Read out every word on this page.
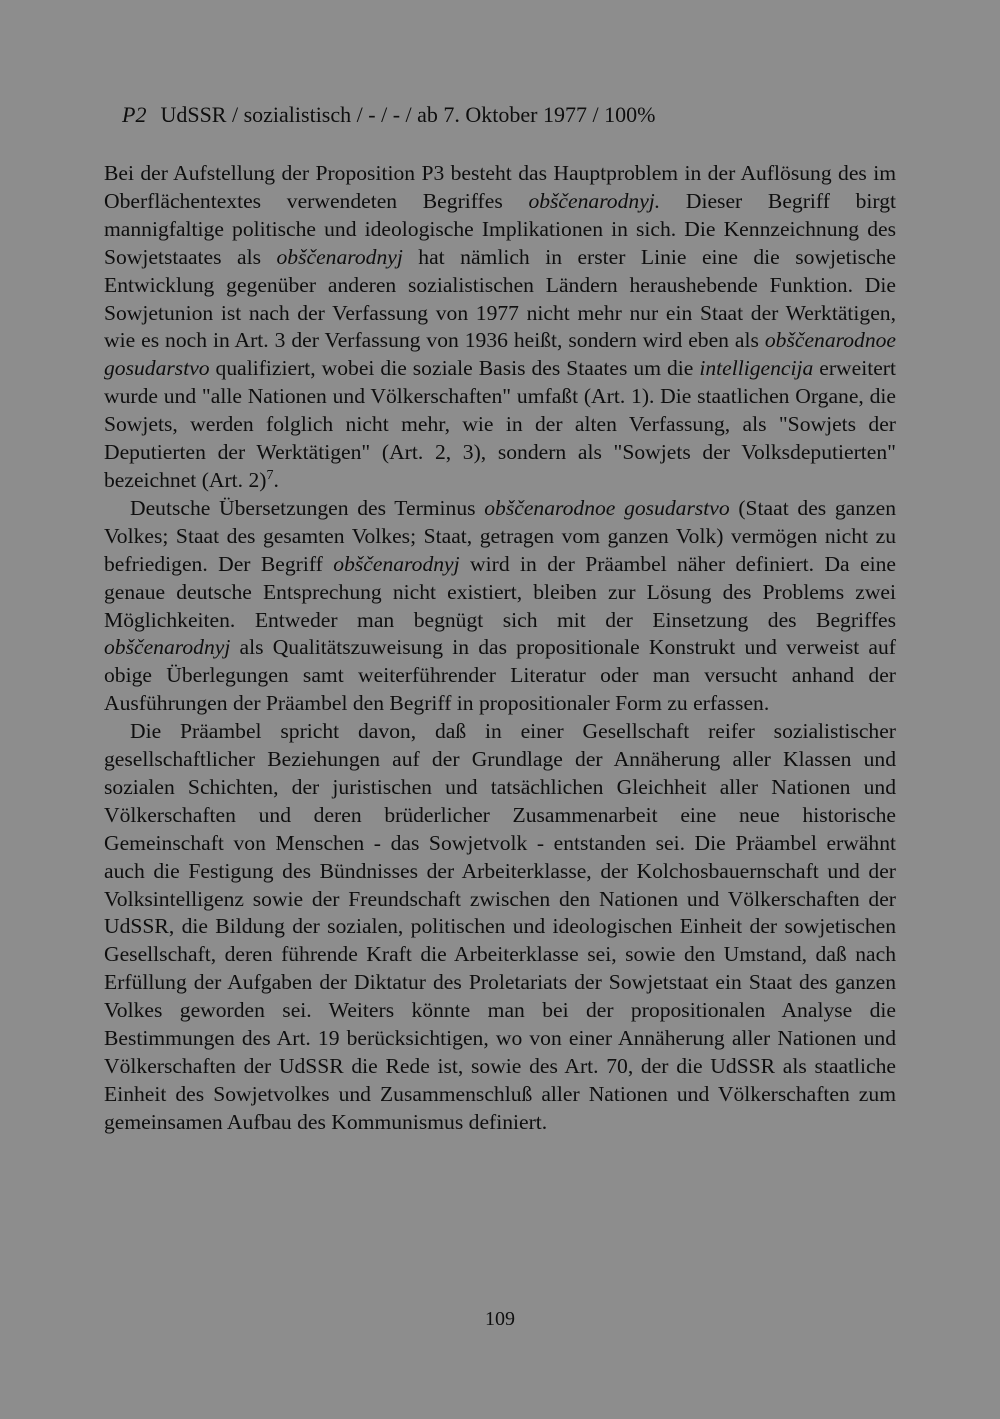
P2 UdSSR / sozialistisch / - / - / ab 7. Oktober 1977 / 100%

Bei der Aufstellung der Proposition P3 besteht das Hauptproblem in der Auflösung des im Oberflächentextes verwendeten Begriffes obščenarodnyj. Dieser Begriff birgt mannigfaltige politische und ideologische Implikationen in sich. Die Kennzeichnung des Sowjetstaates als obščenarodnyj hat nämlich in erster Linie eine die sowjetische Entwicklung gegenüber anderen sozialistischen Ländern heraushebende Funktion. Die Sowjetunion ist nach der Verfassung von 1977 nicht mehr nur ein Staat der Werktätigen, wie es noch in Art. 3 der Verfassung von 1936 heißt, sondern wird eben als obščenarodnoe gosudarstvo qualifiziert, wobei die soziale Basis des Staates um die intelligencija erweitert wurde und "alle Nationen und Völkerschaften" umfaßt (Art. 1). Die staatlichen Organe, die Sowjets, werden folglich nicht mehr, wie in der alten Verfassung, als "Sowjets der Deputierten der Werktätigen" (Art. 2, 3), sondern als "Sowjets der Volksdeputierten" bezeichnet (Art. 2)$^7$.

Deutsche Übersetzungen des Terminus obščenarodnoe gosudarstvo (Staat des ganzen Volkes; Staat des gesamten Volkes; Staat, getragen vom ganzen Volk) vermögen nicht zu befriedigen. Der Begriff obščenarodnyj wird in der Präambel näher definiert. Da eine genaue deutsche Entsprechung nicht existiert, bleiben zur Lösung des Problems zwei Möglichkeiten. Entweder man begnügt sich mit der Einsetzung des Begriffes obščenarodnyj als Qualitätszuweisung in das propositionale Konstrukt und verweist auf obige Überlegungen samt weiterführender Literatur oder man versucht anhand der Ausführungen der Präambel den Begriff in propositionaler Form zu erfassen.

Die Präambel spricht davon, daß in einer Gesellschaft reifer sozialistischer gesellschaftlicher Beziehungen auf der Grundlage der Annäherung aller Klassen und sozialen Schichten, der juristischen und tatsächlichen Gleichheit aller Nationen und Völkerschaften und deren brüderlicher Zusammenarbeit eine neue historische Gemeinschaft von Menschen - das Sowjetvolk - entstanden sei. Die Präambel erwähnt auch die Festigung des Bündnisses der Arbeiterklasse, der Kolchosbauernschaft und der Volksintelligenz sowie der Freundschaft zwischen den Nationen und Völkerschaften der UdSSR, die Bildung der sozialen, politischen und ideologischen Einheit der sowjetischen Gesellschaft, deren führende Kraft die Arbeiterklasse sei, sowie den Umstand, daß nach Erfüllung der Aufgaben der Diktatur des Proletariats der Sowjetstaat ein Staat des ganzen Volkes geworden sei. Weiters könnte man bei der propositionalen Analyse die Bestimmungen des Art. 19 berücksichtigen, wo von einer Annäherung aller Nationen und Völkerschaften der UdSSR die Rede ist, sowie des Art. 70, der die UdSSR als staatliche Einheit des Sowjetvolkes und Zusammenschluß aller Nationen und Völkerschaften zum gemeinsamen Aufbau des Kommunismus definiert.

109
